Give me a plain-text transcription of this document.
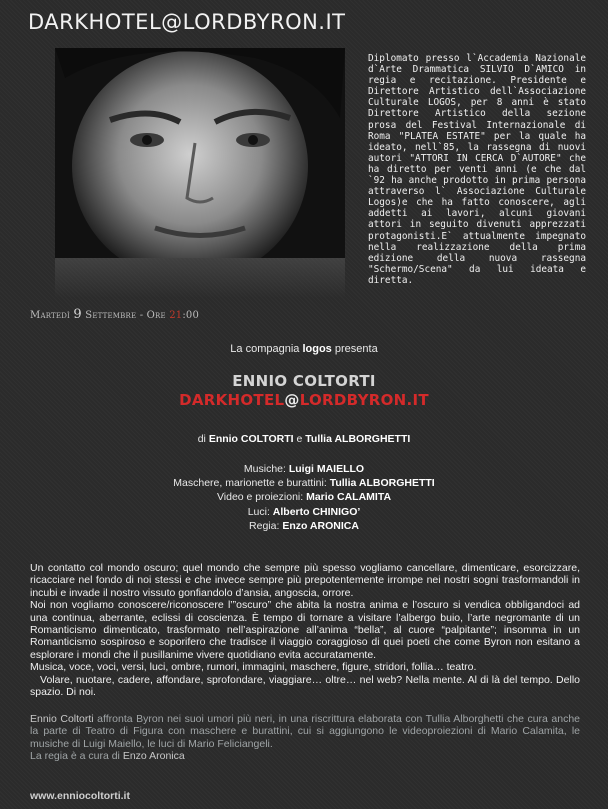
DARKHOTEL@LORDBYRON.IT
Diplomato presso l`Accademia Nazionale d`Arte Drammatica SILVIO D`AMICO in regia e recitazione. Presidente e Direttore Artistico dell`Associazione Culturale LOGOS, per 8 anni è stato Direttore Artistico della sezione prosa del Festival Internazionale di Roma "PLATEA ESTATE" per la quale ha ideato, nell`85, la rassegna di nuovi autori "ATTORI IN CERCA D`AUTORE" che ha diretto per venti anni (e che dal `92 ha anche prodotto in prima persona attraverso l` Associazione Culturale Logos)e che ha fatto conoscere, agli addetti ai lavori, alcuni giovani attori in seguito divenuti apprezzati protagonisti.E` attualmente impegnato nella realizzazione della prima edizione della nuova rassegna "Schermo/Scena" da lui ideata e diretta.
Martedì 9 Settembre - Ore 21:00
La compagnia logos presenta
ENNIO COLTORTI
DARKHOTEL@LORDBYRON.IT
di Ennio COLTORTI e Tullia ALBORGHETTI
Musiche: Luigi MAIELLO
Maschere, marionette e burattini: Tullia ALBORGHETTI
Video e proiezioni: Mario CALAMITA
Luci: Alberto CHINIGO’
Regia: Enzo ARONICA

Un contatto col mondo oscuro; quel mondo che sempre più spesso vogliamo cancellare, dimenticare, esorcizzare, ricacciare nel fondo di noi stessi e che invece sempre più prepotentemente irrompe nei nostri sogni trasformandoli in incubi e invade il nostro vissuto gonfiandolo d’ansia, angoscia, orrore.

Noi non vogliamo conoscere/riconoscere l’”oscuro” che abita la nostra anima e l’oscuro si vendica obbligandoci ad una continua, aberrante, eclissi di coscienza. È tempo di tornare a visitare l’albergo buio, l’arte negromante di un Romanticismo dimenticato, trasformato nell’aspirazione all’anima “bella”, al cuore “palpitante”; insomma in un Romanticismo sospiroso e soporifero che tradisce il viaggio coraggioso di quei poeti che come Byron non esitano a esplorare i mondi che il pusillanime vivere quotidiano evita accuratamente.

Musica, voce, voci, versi, luci, ombre, rumori, immagini, maschere, figure, stridori, follia… teatro.

Volare, nuotare, cadere, affondare, sprofondare, viaggiare… oltre… nel web? Nella mente. Al di là del tempo. Dello spazio. Di noi.

Ennio Coltorti affronta Byron nei suoi umori più neri, in una riscrittura elaborata con Tullia Alborghetti che cura anche la parte di Teatro di Figura con maschere e burattini, cui si aggiungono le videoproiezioni di Mario Calamita, le musiche di Luigi Maiello, le luci di Mario Feliciangeli.

La regia è a cura di Enzo Aronica

www.enniocoltorti.it
